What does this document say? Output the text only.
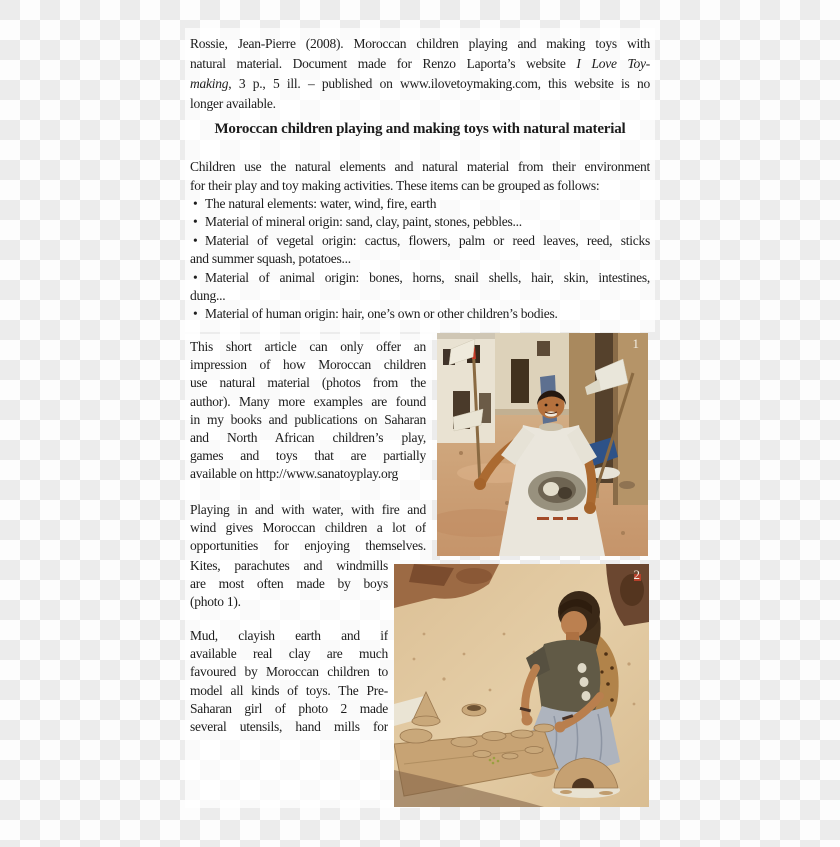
Rossie, Jean-Pierre (2008). Moroccan children playing and making toys with
natural material. Document made for Renzo Laporta’s website I Love Toy-
making, 3 p., 5 ill. – published on www.ilovetoymaking.com, this website is no
longer available.
Moroccan children playing and making toys with natural material
Children use the natural elements and natural material from their environment
for their play and toy making activities. These items can be grouped as follows:
• The natural elements: water, wind, fire, earth
• Material of mineral origin: sand, clay, paint, stones, pebbles...
• Material of vegetal origin: cactus, flowers, palm or reed leaves, reed, sticks
and summer squash, potatoes...
• Material of animal origin: bones, horns, snail shells, hair, skin, intestines,
dung...
• Material of human origin: hair, one’s own or other children’s bodies.
This short article can only offer an
impression of how Moroccan children
use natural material (photos from the
author). Many more examples are found
in my books and publications on Saharan
and North African children’s play,
games and toys that are partially
available on http://www.sanatoyplay.org
Playing in and with water, with fire and
wind gives Moroccan children a lot of
opportunities for enjoying themselves.
Kites, parachutes and windmills
are most often made by boys
(photo 1).
Mud, clayish earth and if
available real clay are much
favoured by Moroccan children to
model all kinds of toys. The Pre-
Saharan girl of photo 2 made
several utensils, hand mills for
1
2
